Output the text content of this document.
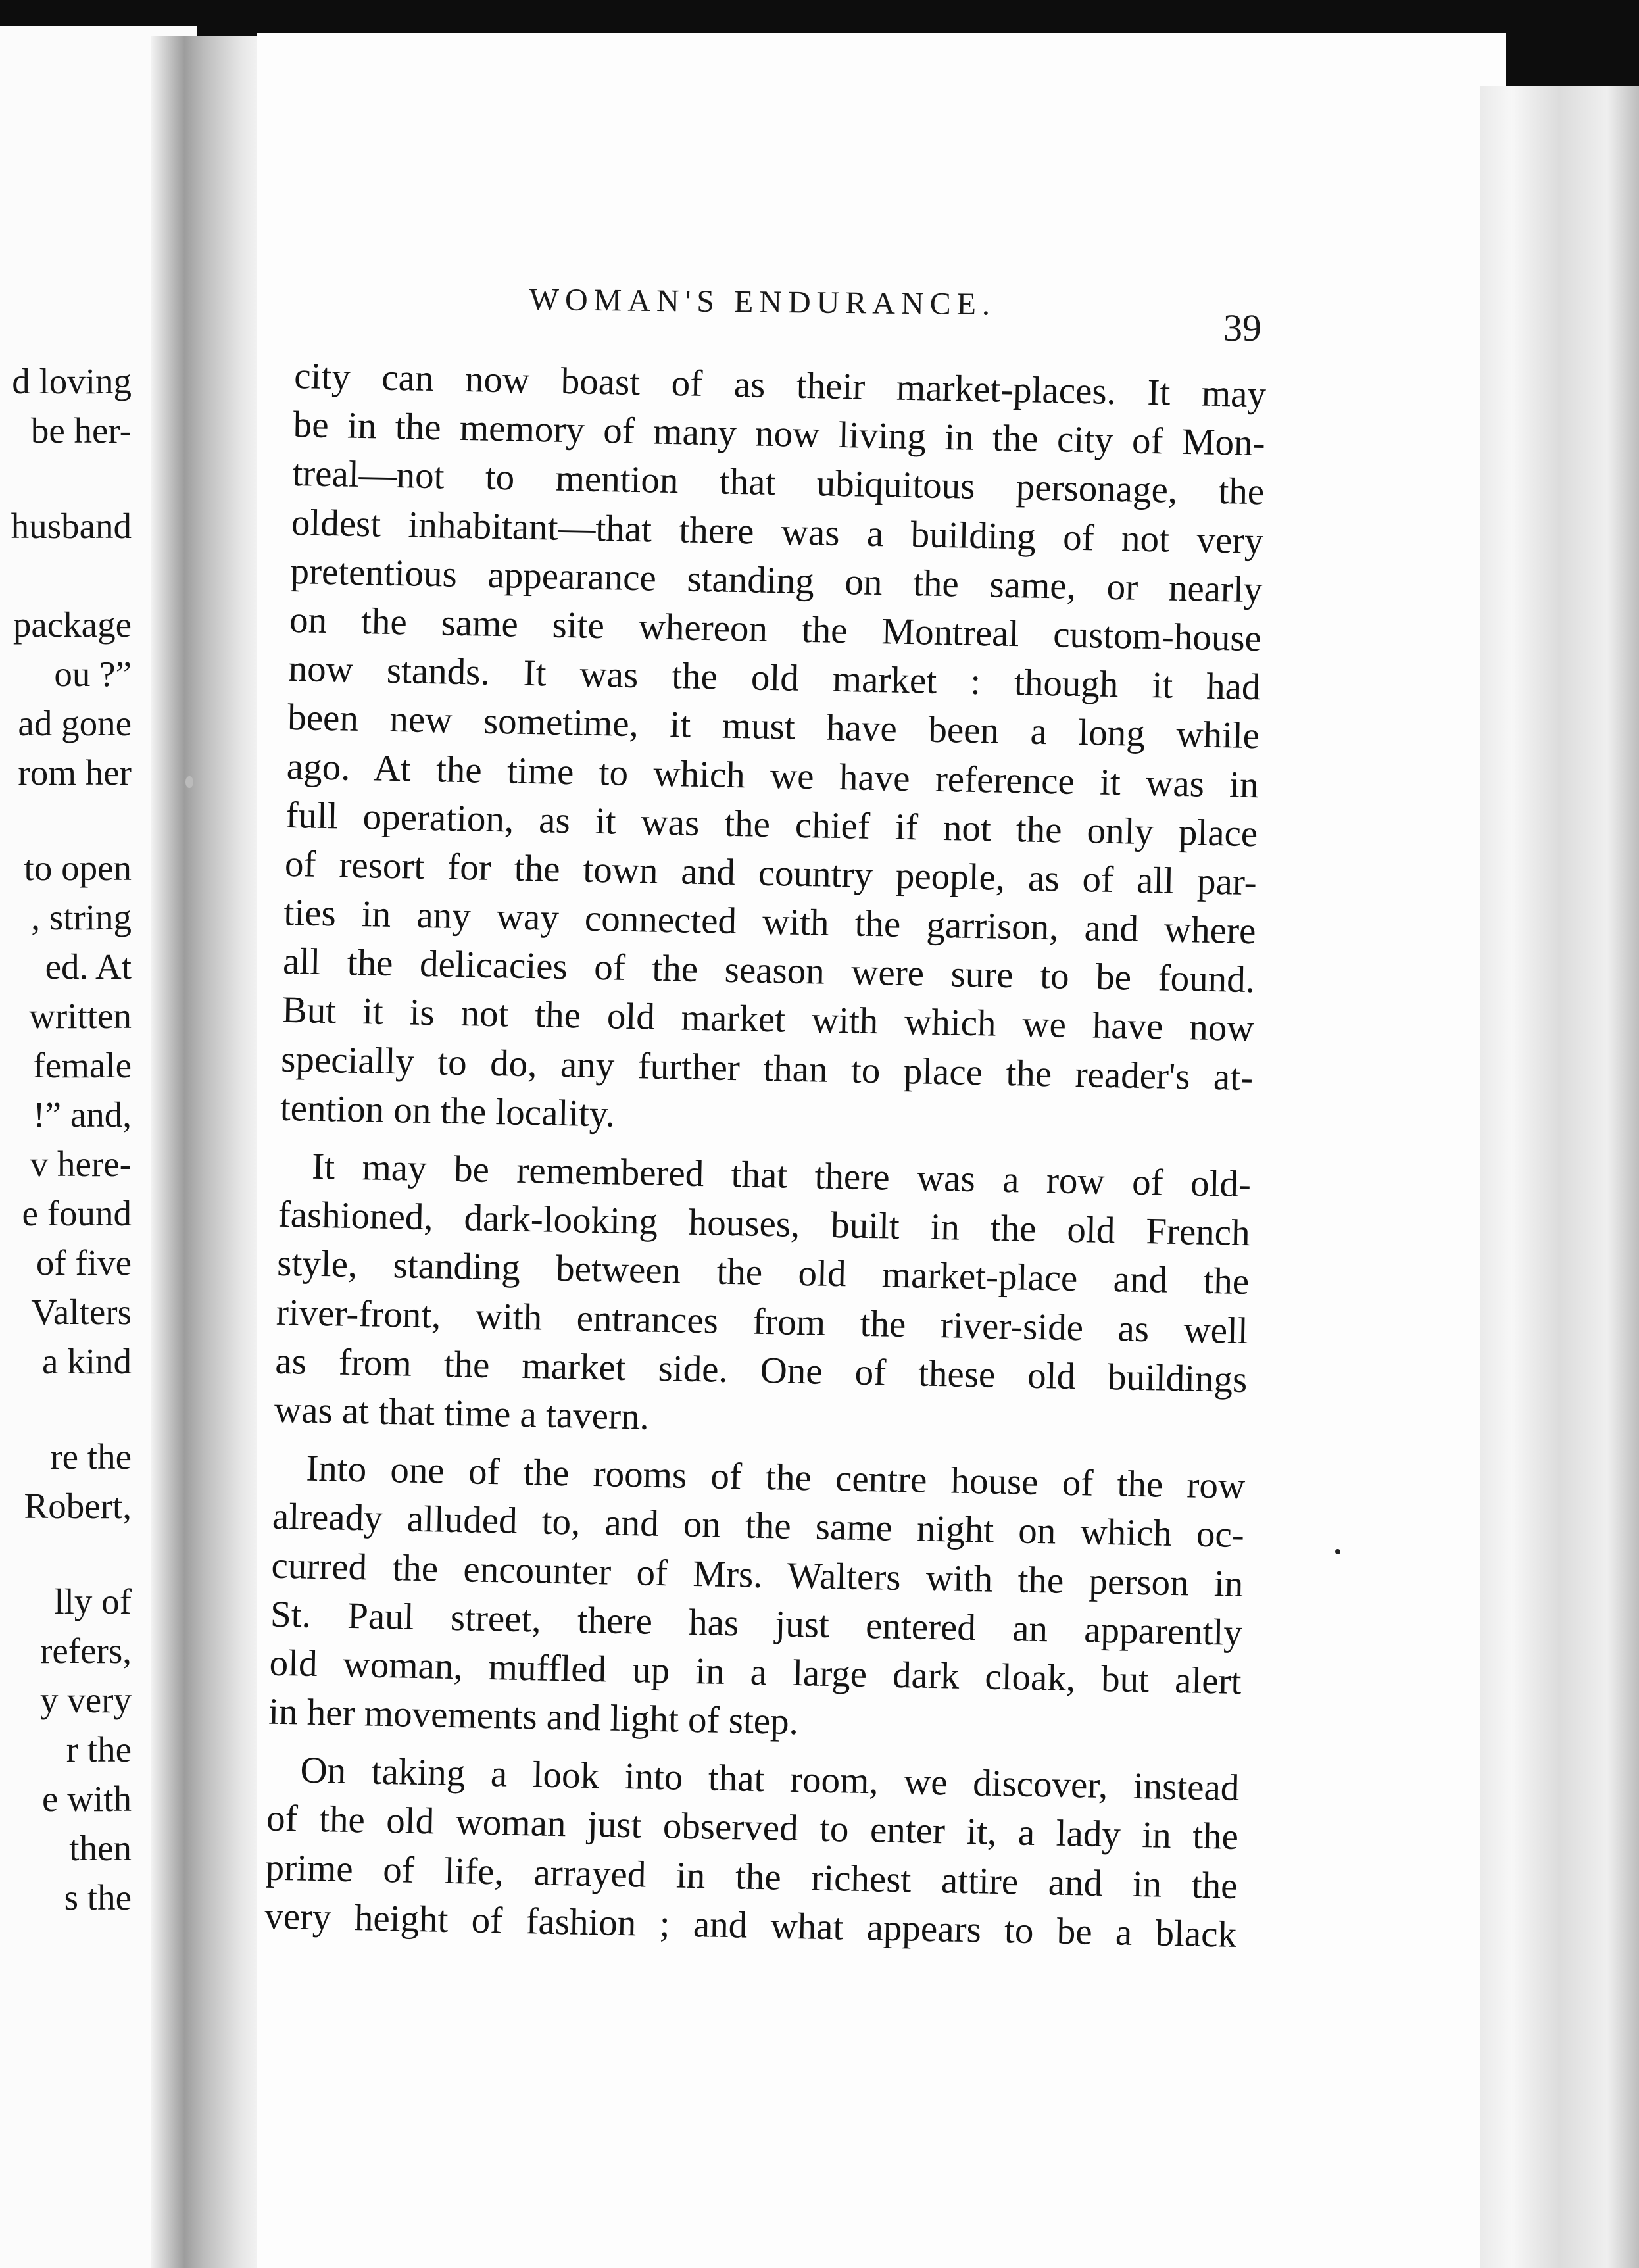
d loving
be her-
husband
package
ou ?”
ad gone
rom her
to open
, string
ed. At
written
female
!” and,
v here-
e found
of five
Valters
a kind
re the
Robert,
lly of
refers,
y very
r the
e with
then
s the
WOMAN'S ENDURANCE.
39
city can now boast of as their market-places. It may
be in the memory of many now living in the city of Mon-
treal—not to mention that ubiquitous personage, the
oldest inhabitant—that there was a building of not very
pretentious appearance standing on the same, or nearly
on the same site whereon the Montreal custom-house
now stands. It was the old market : though it had
been new sometime, it must have been a long while
ago. At the time to which we have reference it was in
full operation, as it was the chief if not the only place
of resort for the town and country people, as of all par-
ties in any way connected with the garrison, and where
all the delicacies of the season were sure to be found.
But it is not the old market with which we have now
specially to do, any further than to place the reader's at-
tention on the locality.
It may be remembered that there was a row of old-
fashioned, dark-looking houses, built in the old French
style, standing between the old market-place and the
river-front, with entrances from the river-side as well
as from the market side. One of these old buildings
was at that time a tavern.
Into one of the rooms of the centre house of the row
already alluded to, and on the same night on which oc-
curred the encounter of Mrs. Walters with the person in
St. Paul street, there has just entered an apparently
old woman, muffled up in a large dark cloak, but alert
in her movements and light of step.
On taking a look into that room, we discover, instead
of the old woman just observed to enter it, a lady in the
prime of life, arrayed in the richest attire and in the
very height of fashion ; and what appears to be a black
